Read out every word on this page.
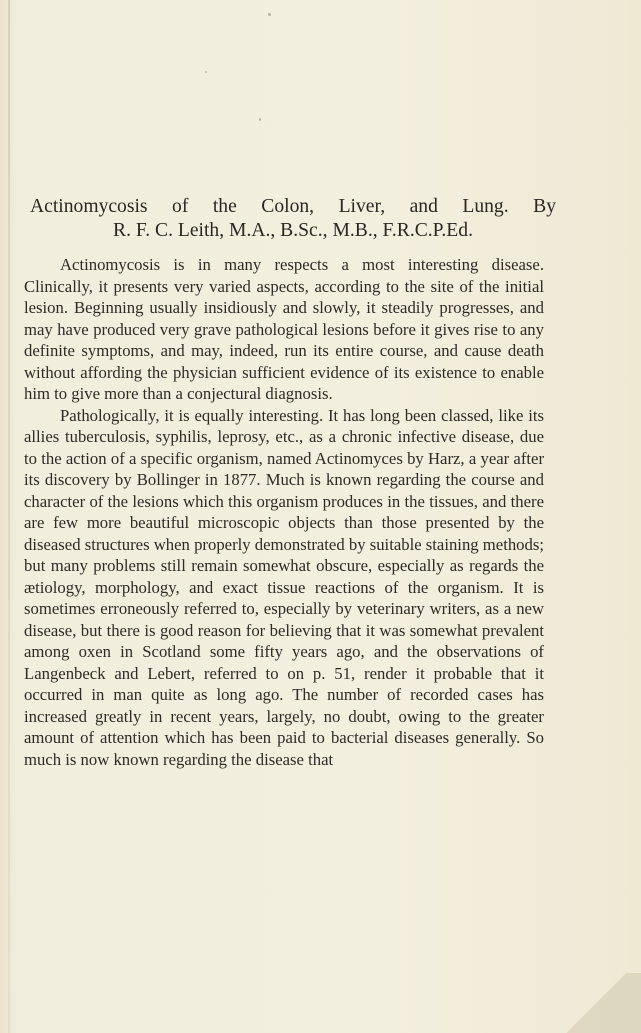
Actinomycosis of the Colon, Liver, and Lung. By
R. F. C. Leith, M.A., B.Sc., M.B., F.R.C.P.Ed.

Actinomycosis is in many respects a most interesting disease. Clinically, it presents very varied aspects, according to the site of the initial lesion. Beginning usually insidiously and slowly, it steadily progresses, and may have produced very grave pathological lesions before it gives rise to any definite symptoms, and may, indeed, run its entire course, and cause death without affording the physician sufficient evidence of its existence to enable him to give more than a conjectural diagnosis.

Pathologically, it is equally interesting. It has long been classed, like its allies tuberculosis, syphilis, leprosy, etc., as a chronic infective disease, due to the action of a specific organism, named Actinomyces by Harz, a year after its discovery by Bollinger in 1877. Much is known regarding the course and character of the lesions which this organism produces in the tissues, and there are few more beautiful microscopic objects than those presented by the diseased structures when properly demonstrated by suitable staining methods; but many problems still remain somewhat obscure, especially as regards the ætiology, morphology, and exact tissue reactions of the organism. It is sometimes erroneously referred to, especially by veterinary writers, as a new disease, but there is good reason for believing that it was somewhat prevalent among oxen in Scotland some fifty years ago, and the observations of Langenbeck and Lebert, referred to on p. 51, render it probable that it occurred in man quite as long ago. The number of recorded cases has increased greatly in recent years, largely, no doubt, owing to the greater amount of attention which has been paid to bacterial diseases generally. So much is now known regarding the disease that
